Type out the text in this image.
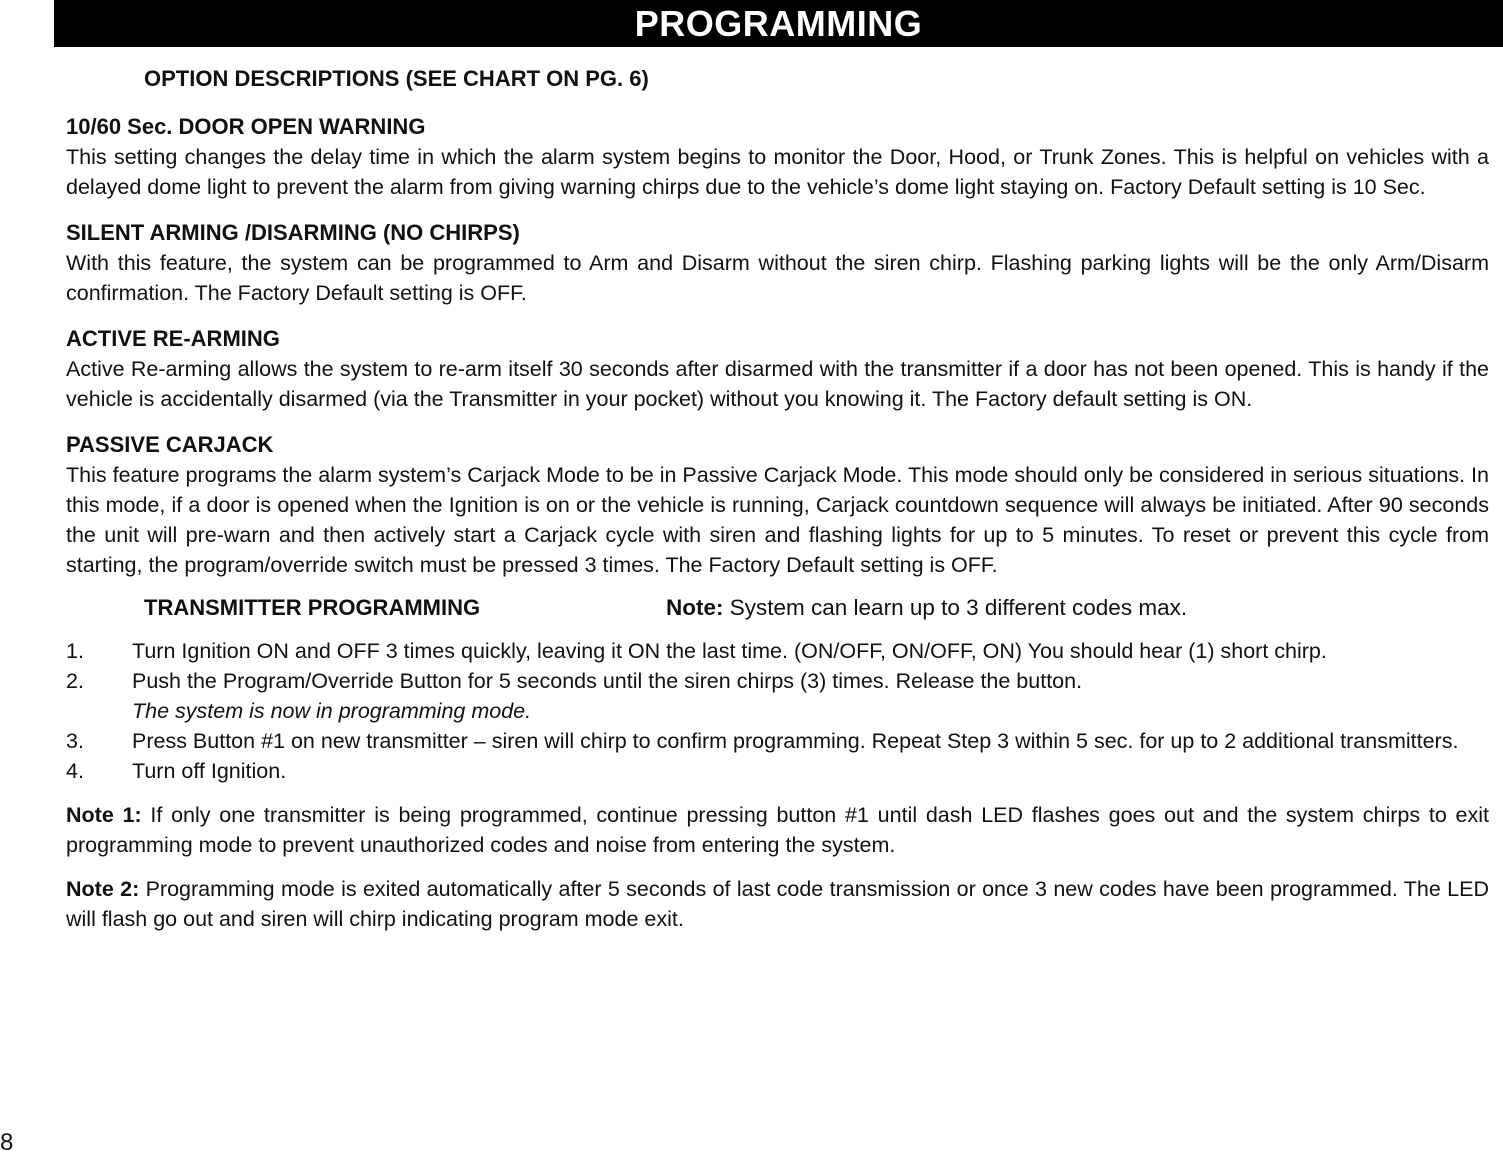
PROGRAMMING
OPTION DESCRIPTIONS (SEE CHART ON PG. 6)
10/60 Sec. DOOR OPEN WARNING

This setting changes the delay time in which the alarm system begins to monitor the Door, Hood, or Trunk Zones. This is helpful on vehicles with a delayed dome light to prevent the alarm from giving warning chirps due to the vehicle’s dome light staying on. Factory Default setting is 10 Sec.

SILENT ARMING /DISARMING (NO CHIRPS)

With this feature, the system can be programmed to Arm and Disarm without the siren chirp. Flashing parking lights will be the only Arm/Disarm confirmation. The Factory Default setting is OFF.

ACTIVE RE-ARMING

Active Re-arming allows the system to re-arm itself 30 seconds after disarmed with the transmitter if a door has not been opened. This is handy if the vehicle is accidentally disarmed (via the Transmitter in your pocket) without you knowing it. The Factory default setting is ON.

PASSIVE CARJACK

This feature programs the alarm system’s Carjack Mode to be in Passive Carjack Mode. This mode should only be considered in serious situations. In this mode, if a door is opened when the Ignition is on or the vehicle is running, Carjack countdown sequence will always be initiated. After 90 seconds the unit will pre-warn and then actively start a Carjack cycle with siren and flashing lights for up to 5 minutes. To reset or prevent this cycle from starting, the program/override switch must be pressed 3 times. The Factory Default setting is OFF.

TRANSMITTER PROGRAMMING	Note: System can learn up to 3 different codes max.
1. Turn Ignition ON and OFF 3 times quickly, leaving it ON the last time. (ON/OFF, ON/OFF, ON) You should hear (1) short chirp.
2. Push the Program/Override Button for 5 seconds until the siren chirps (3) times. Release the button.
The system is now in programming mode.
3. Press Button #1 on new transmitter – siren will chirp to confirm programming. Repeat Step 3 within 5 sec. for up to 2 additional transmitters.
4. Turn off Ignition.

Note 1: If only one transmitter is being programmed, continue pressing button #1 until dash LED flashes goes out and the system chirps to exit programming mode to prevent unauthorized codes and noise from entering the system.

Note 2: Programming mode is exited automatically after 5 seconds of last code transmission or once 3 new codes have been programmed. The LED will flash go out and siren will chirp indicating program mode exit.

8
